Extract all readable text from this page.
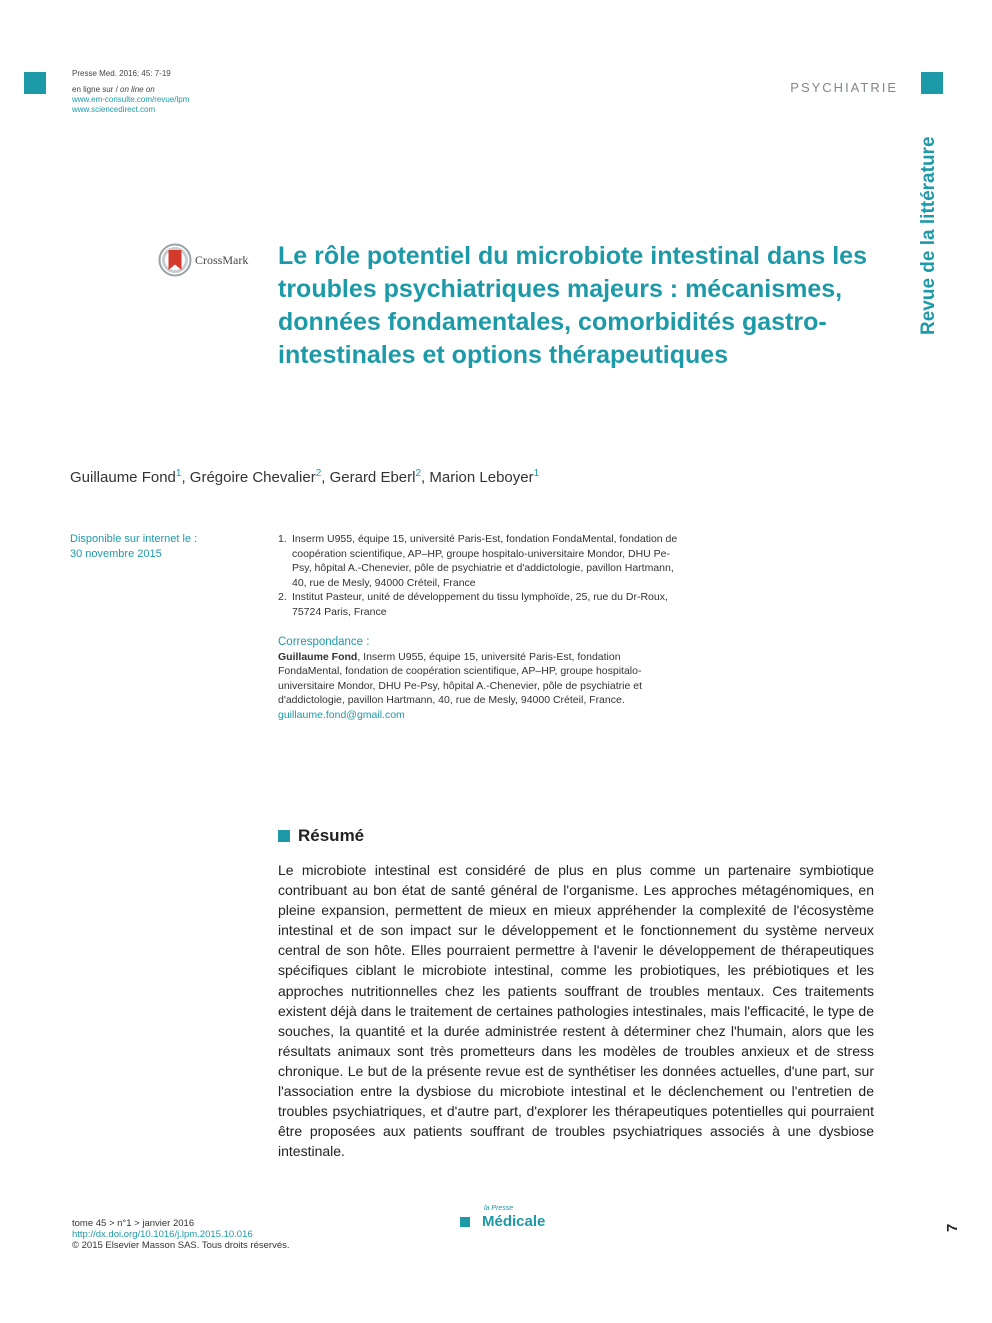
Presse Med. 2016; 45: 7-19
en ligne sur / on line on
www.em-consulte.com/revue/lpm
www.sciencedirect.com
PSYCHIATRIE
Revue de la littérature
CrossMark Le rôle potentiel du microbiote intestinal dans les troubles psychiatriques majeurs : mécanismes, données fondamentales, comorbidités gastro-intestinales et options thérapeutiques
Guillaume Fond$^1$, Grégoire Chevalier$^2$, Gerard Eberl$^2$, Marion Leboyer$^1$
Disponible sur internet le :
30 novembre 2015
1. Inserm U955, équipe 15, université Paris-Est, fondation FondaMental, fondation de coopération scientifique, AP–HP, groupe hospitalo-universitaire Mondor, DHU Pe-Psy, hôpital A.-Chenevier, pôle de psychiatrie et d'addictologie, pavillon Hartmann, 40, rue de Mesly, 94000 Créteil, France
2. Institut Pasteur, unité de développement du tissu lymphoïde, 25, rue du Dr-Roux, 75724 Paris, France
Correspondance :
Guillaume Fond, Inserm U955, équipe 15, université Paris-Est, fondation FondaMental, fondation de coopération scientifique, AP–HP, groupe hospitalo-universitaire Mondor, DHU Pe-Psy, hôpital A.-Chenevier, pôle de psychiatrie et d'addictologie, pavillon Hartmann, 40, rue de Mesly, 94000 Créteil, France.
guillaume.fond@gmail.com
Résumé

Le microbiote intestinal est considéré de plus en plus comme un partenaire symbiotique contribuant au bon état de santé général de l'organisme. Les approches métagénomiques, en pleine expansion, permettent de mieux en mieux appréhender la complexité de l'écosystème intestinal et de son impact sur le développement et le fonctionnement du système nerveux central de son hôte. Elles pourraient permettre à l'avenir le développement de thérapeutiques spécifiques ciblant le microbiote intestinal, comme les probiotiques, les prébiotiques et les approches nutritionnelles chez les patients souffrant de troubles mentaux. Ces traitements existent déjà dans le traitement de certaines pathologies intestinales, mais l'efficacité, le type de souches, la quantité et la durée administrée restent à déterminer chez l'humain, alors que les résultats animaux sont très prometteurs dans les modèles de troubles anxieux et de stress chronique. Le but de la présente revue est de synthétiser les données actuelles, d'une part, sur l'association entre la dysbiose du microbiote intestinal et le déclenchement ou l'entretien de troubles psychiatriques, et d'autre part, d'explorer les thérapeutiques potentielles qui pourraient être proposées aux patients souffrant de troubles psychiatriques associés à une dysbiose intestinale.

tome 45 > n°1 > janvier 2016
http://dx.doi.org/10.1016/j.lpm.2015.10.016
© 2015 Elsevier Masson SAS. Tous droits réservés.
la Presse
Médicale	7
